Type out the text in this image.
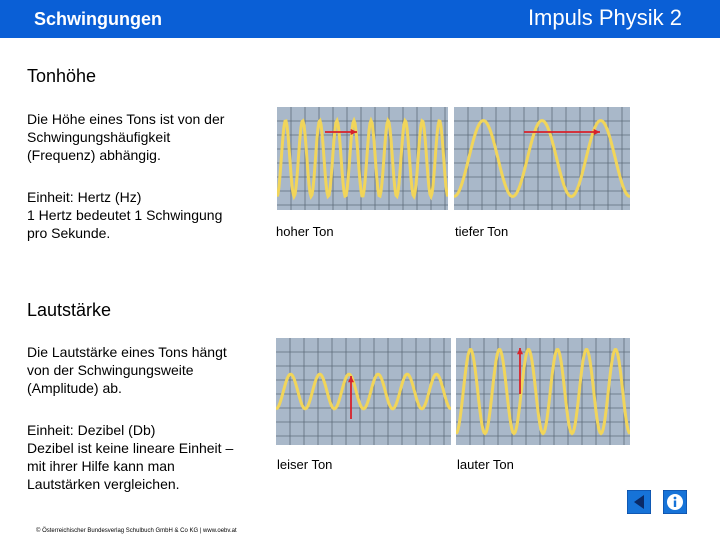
Schwingungen	Impuls Physik 2
Tonhöhe
Die Höhe eines Tons ist von der
Schwingungshäufigkeit
(Frequenz) abhängig.
Einheit: Hertz (Hz)
1 Hertz bedeutet 1 Schwingung
pro Sekunde.	hoher Ton	tiefer Ton
Lautstärke
Die Lautstärke eines Tons hängt
von der Schwingungsweite
(Amplitude) ab.
Einheit: Dezibel (Db)
Dezibel ist keine lineare Einheit –
mit ihrer Hilfe kann man
Lautstärken vergleichen.
leiser Ton	lauter Ton
© Österreichischer Bundesverlag Schulbuch GmbH & Co KG | www.oebv.at
